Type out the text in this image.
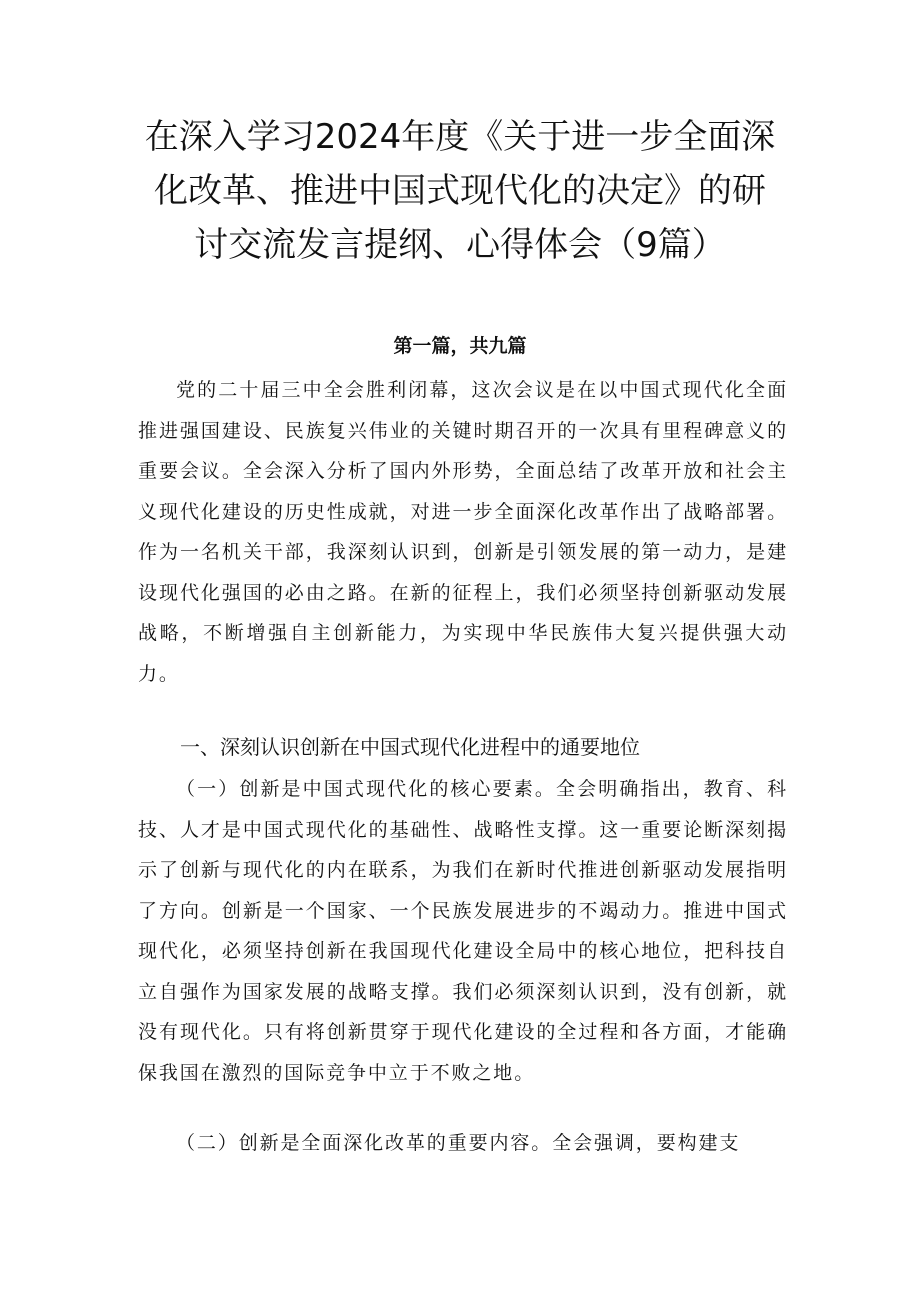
在深入学习2024年度《关于进一步全面深
化改革、推进中国式现代化的决定》的研
讨交流发言提纲、心得体会（9篇）
第一篇，共九篇

党的二十届三中全会胜利闭幕，这次会议是在以中国式现代化全面推进强国建设、民族复兴伟业的关键时期召开的一次具有里程碑意义的重要会议。全会深入分析了国内外形势，全面总结了改革开放和社会主义现代化建设的历史性成就，对进一步全面深化改革作出了战略部署。作为一名机关干部，我深刻认识到，创新是引领发展的第一动力，是建设现代化强国的必由之路。在新的征程上，我们必须坚持创新驱动发展战略，不断增强自主创新能力，为实现中华民族伟大复兴提供强大动力。

一、深刻认识创新在中国式现代化进程中的通要地位

（一）创新是中国式现代化的核心要素。全会明确指出，教育、科技、人才是中国式现代化的基础性、战略性支撑。这一重要论断深刻揭示了创新与现代化的内在联系，为我们在新时代推进创新驱动发展指明了方向。创新是一个国家、一个民族发展进步的不竭动力。推进中国式现代化，必须坚持创新在我国现代化建设全局中的核心地位，把科技自立自强作为国家发展的战略支撑。我们必须深刻认识到，没有创新，就没有现代化。只有将创新贯穿于现代化建设的全过程和各方面，才能确保我国在激烈的国际竞争中立于不败之地。

（二）创新是全面深化改革的重要内容。全会强调，要构建支
